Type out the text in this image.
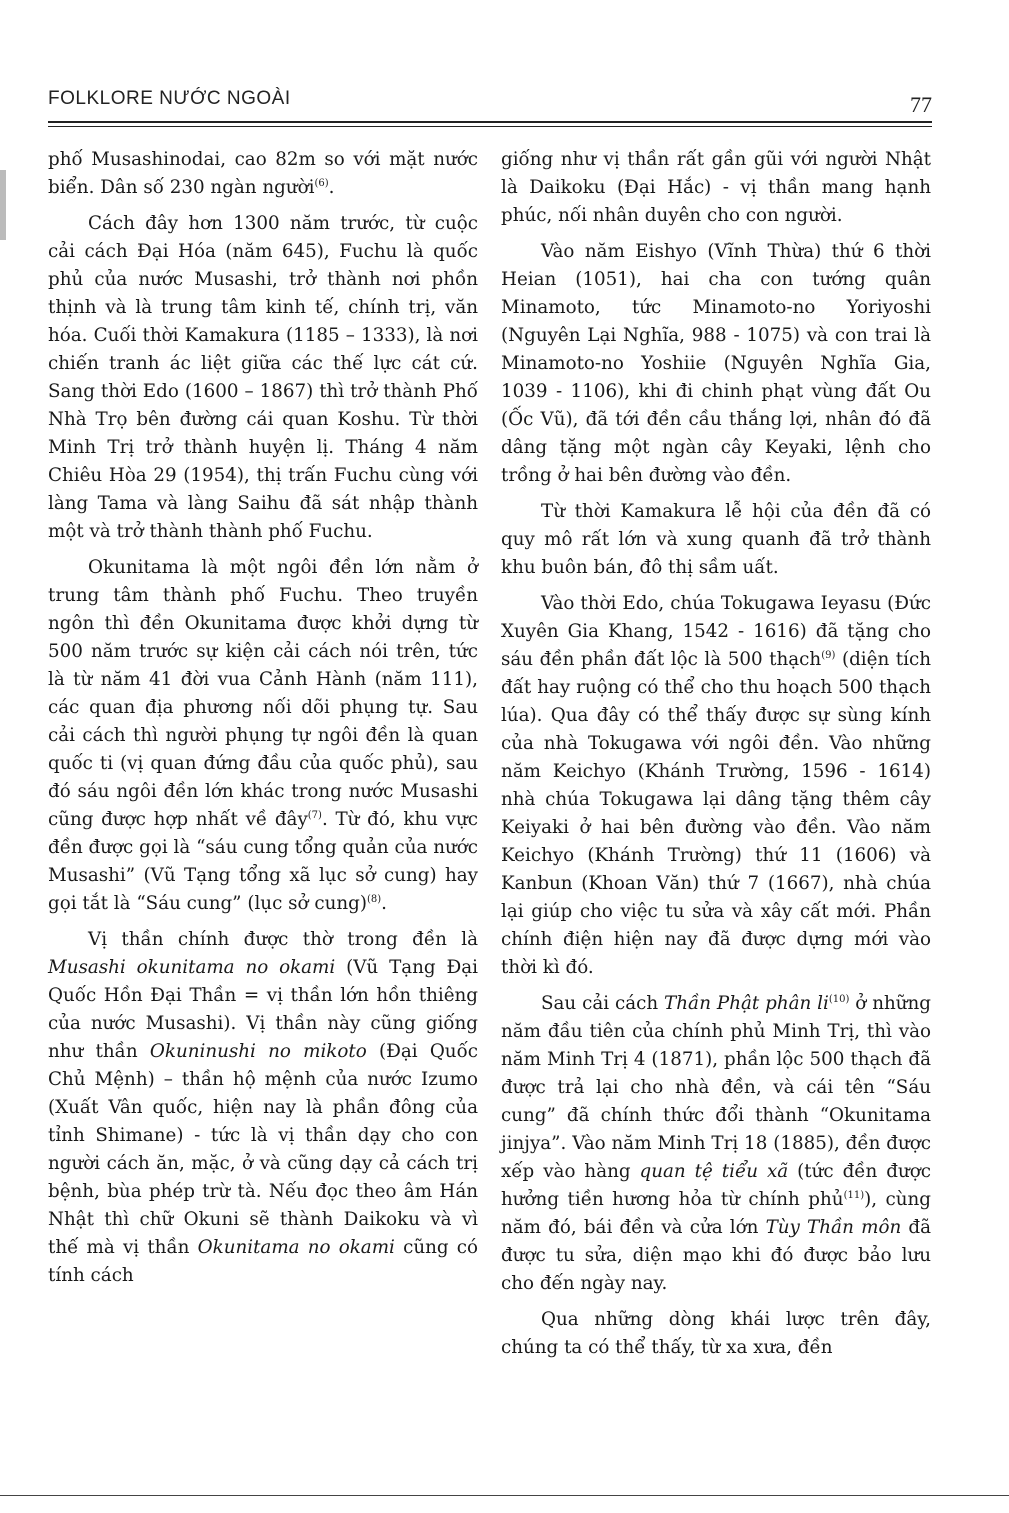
FOLKLORE NƯỚC NGOÀI	77

phố Musashinodai, cao 82m so với mặt nước biển. Dân số 230 ngàn người$^{(6)}$.

Cách đây hơn 1300 năm trước, từ cuộc cải cách Đại Hóa (năm 645), Fuchu là quốc phủ của nước Musashi, trở thành nơi phồn thịnh và là trung tâm kinh tế, chính trị, văn hóa. Cuối thời Kamakura (1185 – 1333), là nơi chiến tranh ác liệt giữa các thế lực cát cứ. Sang thời Edo (1600 – 1867) thì trở thành Phố Nhà Trọ bên đường cái quan Koshu. Từ thời Minh Trị trở thành huyện lị. Tháng 4 năm Chiêu Hòa 29 (1954), thị trấn Fuchu cùng với làng Tama và làng Saihu đã sát nhập thành một và trở thành thành phố Fuchu.

Okunitama là một ngôi đền lớn nằm ở trung tâm thành phố Fuchu. Theo truyền ngôn thì đền Okunitama được khởi dựng từ 500 năm trước sự kiện cải cách nói trên, tức là từ năm 41 đời vua Cảnh Hành (năm 111), các quan địa phương nối dõi phụng tự. Sau cải cách thì người phụng tự ngôi đền là quan quốc ti (vị quan đứng đầu của quốc phủ), sau đó sáu ngôi đền lớn khác trong nước Musashi cũng được hợp nhất về đây$^{(7)}$. Từ đó, khu vực đền được gọi là “sáu cung tổng quản của nước Musashi” (Vũ Tạng tổng xã lục sở cung) hay gọi tắt là “Sáu cung” (lục sở cung)$^{(8)}$.

Vị thần chính được thờ trong đền là Musashi okunitama no okami (Vũ Tạng Đại Quốc Hồn Đại Thần = vị thần lớn hồn thiêng của nước Musashi). Vị thần này cũng giống như thần Okuninushi no mikoto (Đại Quốc Chủ Mệnh) – thần hộ mệnh của nước Izumo (Xuất Vân quốc, hiện nay là phần đông của tỉnh Shimane) - tức là vị thần dạy cho con người cách ăn, mặc, ở và cũng dạy cả cách trị bệnh, bùa phép trừ tà. Nếu đọc theo âm Hán Nhật thì chữ Okuni sẽ thành Daikoku và vì thế mà vị thần Okunitama no okami cũng có tính cách

giống như vị thần rất gần gũi với người Nhật là Daikoku (Đại Hắc) - vị thần mang hạnh phúc, nối nhân duyên cho con người.

Vào năm Eishyo (Vĩnh Thừa) thứ 6 thời Heian (1051), hai cha con tướng quân Minamoto, tức Minamoto-no Yoriyoshi (Nguyên Lại Nghĩa, 988 - 1075) và con trai là Minamoto-no Yoshiie (Nguyên Nghĩa Gia, 1039 - 1106), khi đi chinh phạt vùng đất Ou (Ốc Vũ), đã tới đền cầu thắng lợi, nhân đó đã dâng tặng một ngàn cây Keyaki, lệnh cho trồng ở hai bên đường vào đền.

Từ thời Kamakura lễ hội của đền đã có quy mô rất lớn và xung quanh đã trở thành khu buôn bán, đô thị sầm uất.

Vào thời Edo, chúa Tokugawa Ieyasu (Đức Xuyên Gia Khang, 1542 - 1616) đã tặng cho sáu đền phần đất lộc là 500 thạch$^{(9)}$ (diện tích đất hay ruộng có thể cho thu hoạch 500 thạch lúa). Qua đây có thể thấy được sự sùng kính của nhà Tokugawa với ngôi đền. Vào những năm Keichyo (Khánh Trường, 1596 - 1614) nhà chúa Tokugawa lại dâng tặng thêm cây Keiyaki ở hai bên đường vào đền. Vào năm Keichyo (Khánh Trường) thứ 11 (1606) và Kanbun (Khoan Văn) thứ 7 (1667), nhà chúa lại giúp cho việc tu sửa và xây cất mới. Phần chính điện hiện nay đã được dựng mới vào thời kì đó.

Sau cải cách Thần Phật phân $li^{(10)}$ ở những năm đầu tiên của chính phủ Minh Trị, thì vào năm Minh Trị 4 (1871), phần lộc 500 thạch đã được trả lại cho nhà đền, và cái tên “Sáu cung” đã chính thức đổi thành “Okunitama jinjya”. Vào năm Minh Trị 18 (1885), đền được xếp vào hàng quan tệ tiểu xã (tức đền được hưởng tiền hương hỏa từ chính phủ$^{(11)}$), cùng năm đó, bái đền và cửa lớn Tùy Thần môn đã được tu sửa, diện mạo khi đó được bảo lưu cho đến ngày nay.

Qua những dòng khái lược trên đây, chúng ta có thể thấy, từ xa xưa, đền
